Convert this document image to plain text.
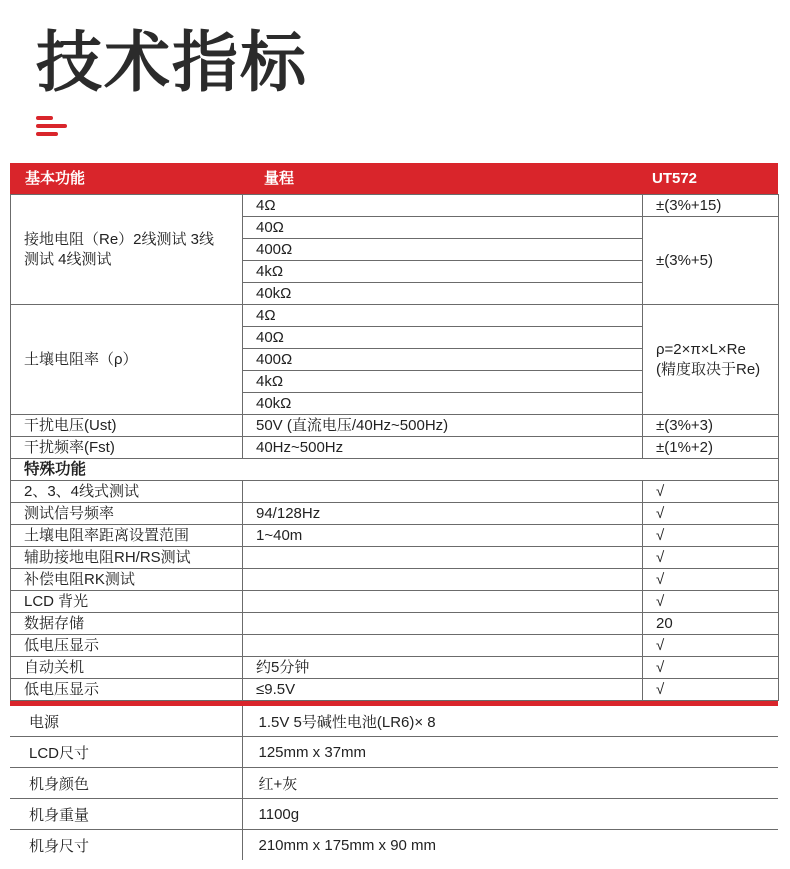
技术指标
基本功能	量程	UT572
接地电阻（Re）2线测试 3线测试 4线测试	4Ω	±(3%+15)
	40Ω	±(3%+5)
	400Ω	
	4kΩ	
	40kΩ	
土壤电阻率（ρ）	4Ω	ρ=2×π×L×Re (精度取决于Re)
	40Ω	
	400Ω	
	4kΩ	
	40kΩ	
干扰电压(Ust)	50V (直流电压/40Hz~500Hz)	±(3%+3)
干扰频率(Fst)	40Hz~500Hz	±(1%+2)
特殊功能		
2、3、4线式测试		√
测试信号频率	94/128Hz	√
土壤电阻率距离设置范围	1~40m	√
辅助接地电阻RH/RS测试		√
补偿电阻RK测试		√
LCD 背光		√
数据存储		20
低电压显示		√
自动关机	约5分钟	√
低电压显示	≤9.5V	√
电源	1.5V 5号碱性电池(LR6)× 8
LCD尺寸	125mm x 37mm
机身颜色	红+灰
机身重量	1100g
机身尺寸	210mm x 175mm x 90 mm
